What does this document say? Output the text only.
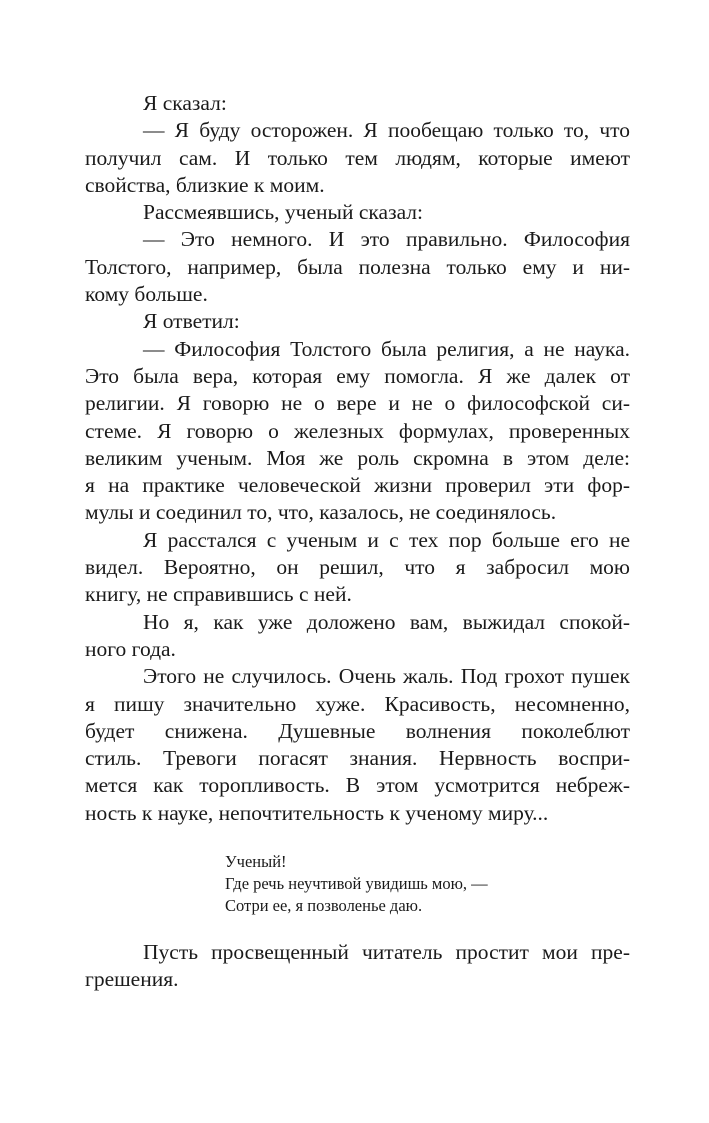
Я сказал:
— Я буду осторожен. Я пообещаю только то, что
получил сам. И только тем людям, которые имеют
свойства, близкие к моим.
Рассмеявшись, ученый сказал:
— Это немного. И это правильно. Философия
Толстого, например, была полезна только ему и ни-
кому больше.
Я ответил:
— Философия Толстого была религия, а не наука.
Это была вера, которая ему помогла. Я же далек от
религии. Я говорю не о вере и не о философской си-
стеме. Я говорю о железных формулах, проверенных
великим ученым. Моя же роль скромна в этом деле:
я на практике человеческой жизни проверил эти фор-
мулы и соединил то, что, казалось, не соединялось.
Я расстался с ученым и с тех пор больше его не
видел. Вероятно, он решил, что я забросил мою
книгу, не справившись с ней.
Но я, как уже доложено вам, выжидал спокой-
ного года.
Этого не случилось. Очень жаль. Под грохот пушек
я пишу значительно хуже. Красивость, несомненно,
будет снижена. Душевные волнения поколеблют
стиль. Тревоги погасят знания. Нервность воспри-
мется как торопливость. В этом усмотрится небреж-
ность к науке, непочтительность к ученому миру...
Ученый!
Где речь неучтивой увидишь мою, —
Сотри ее, я позволенье даю.
Пусть просвещенный читатель простит мои пре-
грешения.
